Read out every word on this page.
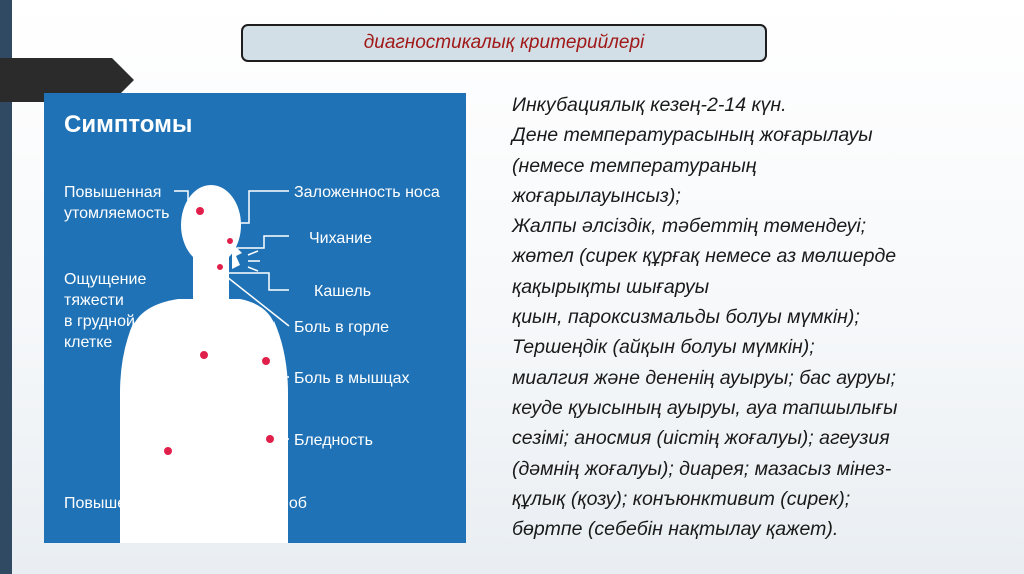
диагностикалық критерийлері
Симптомы
Повышенная
утомляемость
Ощущение
тяжести
в грудной
клетке
Заложенность носа
Чихание
Кашель
Боль в горле
Боль в мышцах
Бледность
Повышение температуры, озноб
Инкубациялық кезең-2-14 күн.
Дене температурасының жоғарылауы
(немесе температураның
жоғарылауынсыз);
Жалпы әлсіздік, тәбеттің төмендеуі;
жөтел (сирек құрғақ немесе аз мөлшерде
қақырықты шығаруы
қиын, пароксизмальды болуы мүмкін);
Тершеңдік (айқын болуы мүмкін);
миалгия және дененің ауыруы; бас ауруы;
кеуде қуысының ауыруы, ауа тапшылығы
сезімі; аносмия (иістің жоғалуы); агеузия
(дәмнің жоғалуы); диарея; мазасыз мінез-
құлық (қозу); конъюнктивит (сирек);
бөртпе (себебін нақтылау қажет).
